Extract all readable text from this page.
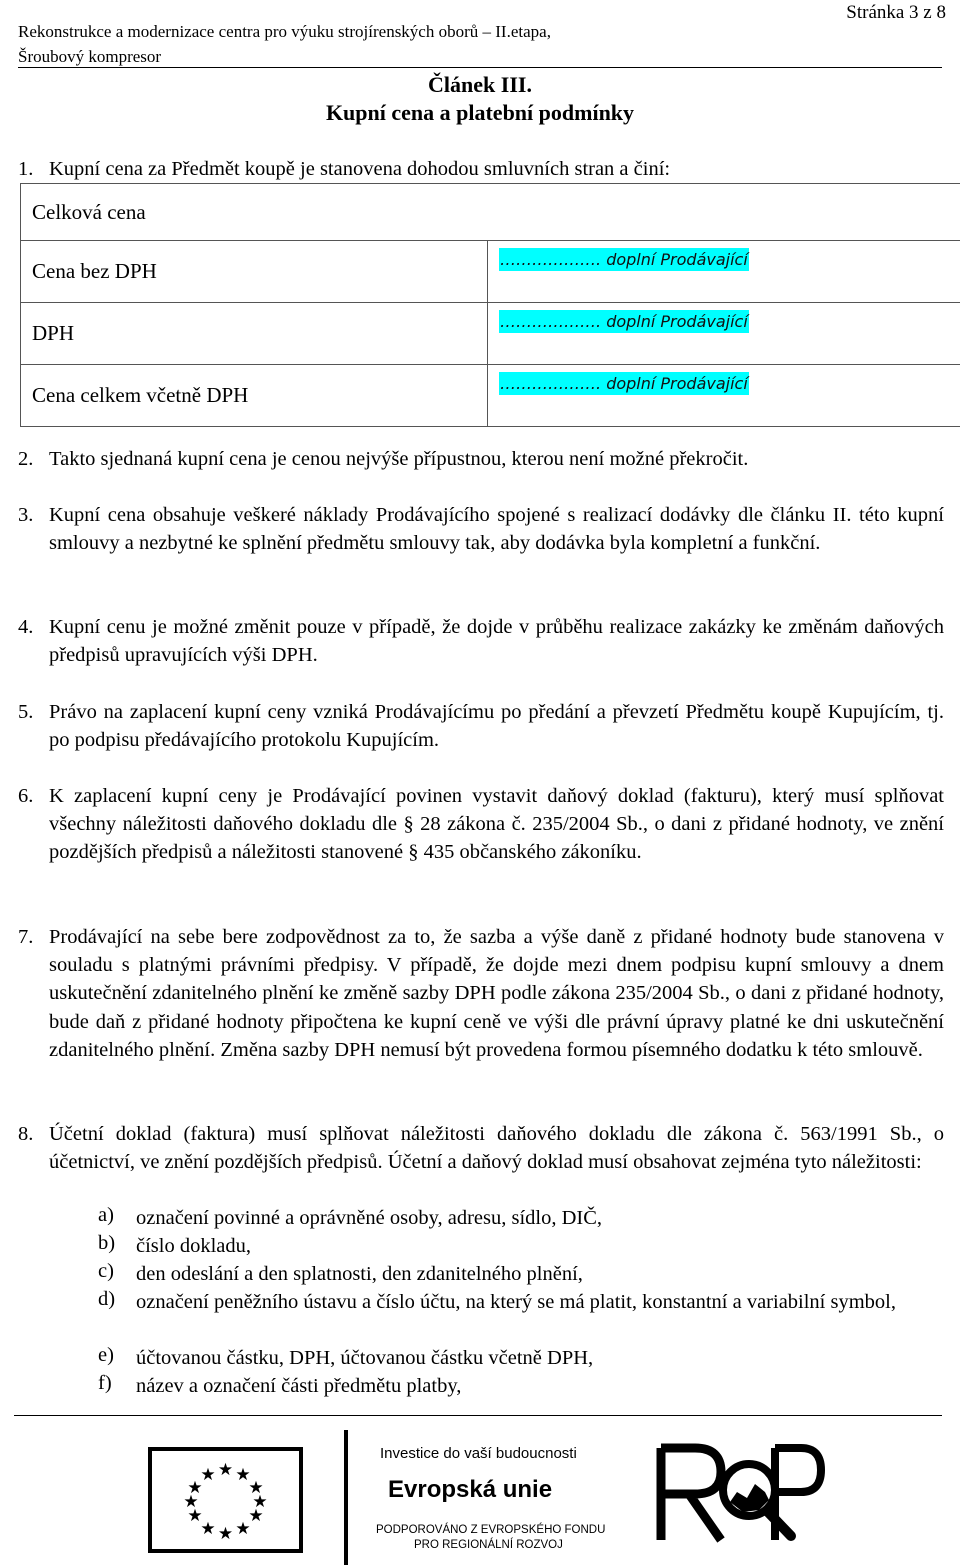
Rekonstrukce a modernizace centra pro výuku strojírenských oborů – II.etapa,
Šroubový kompresor
Stránka 3 z 8
Článek III.
Kupní cena a platební podmínky
1. Kupní cena za Předmět koupě je stanovena dohodou smluvních stran a činí:
Celková cena	
Cena bez DPH	………………. doplní Prodávající
DPH	………………. doplní Prodávající
Cena celkem včetně DPH	………………. doplní Prodávající
2. Takto sjednaná kupní cena je cenou nejvýše přípustnou, kterou není možné překročit.
3. Kupní cena obsahuje veškeré náklady Prodávajícího spojené s realizací dodávky dle článku II. této kupní smlouvy a nezbytné ke splnění předmětu smlouvy tak, aby dodávka byla kompletní a funkční.
4. Kupní cenu je možné změnit pouze v případě, že dojde v průběhu realizace zakázky ke změnám daňových předpisů upravujících výši DPH.
5. Právo na zaplacení kupní ceny vzniká Prodávajícímu po předání a převzetí Předmětu koupě Kupujícím, tj. po podpisu předávajícího protokolu Kupujícím.
6. K zaplacení kupní ceny je Prodávající povinen vystavit daňový doklad (fakturu), který musí splňovat všechny náležitosti daňového dokladu dle § 28 zákona č. 235/2004 Sb., o dani z přidané hodnoty, ve znění pozdějších předpisů a náležitosti stanovené § 435 občanského zákoníku.
7. Prodávající na sebe bere zodpovědnost za to, že sazba a výše daně z přidané hodnoty bude stanovena v souladu s platnými právními předpisy. V případě, že dojde mezi dnem podpisu kupní smlouvy a dnem uskutečnění zdanitelného plnění ke změně sazby DPH podle zákona 235/2004 Sb., o dani z přidané hodnoty, bude daň z přidané hodnoty připočtena ke kupní ceně ve výši dle právní úpravy platné ke dni uskutečnění zdanitelného plnění. Změna sazby DPH nemusí být provedena formou písemného dodatku k této smlouvě.
8. Účetní doklad (faktura) musí splňovat náležitosti daňového dokladu dle zákona č. 563/1991 Sb., o účetnictví, ve znění pozdějších předpisů. Účetní a daňový doklad musí obsahovat zejména tyto náležitosti:
a) označení povinné a oprávněné osoby, adresu, sídlo, DIČ,
b) číslo dokladu,
c) den odeslání a den splatnosti, den zdanitelného plnění,
d) označení peněžního ústavu a číslo účtu, na který se má platit, konstantní a variabilní symbol,
e) účtovanou částku, DPH, účtovanou částku včetně DPH,
f) název a označení části předmětu platby,
★ ★
★
★
★
★
★
★
★
★
★
★
Investice do vaší budoucnosti
Evropská unie
PODPOROVÁNO Z EVROPSKÉHO FONDU
PRO REGIONÁLNÍ ROZVOJ
